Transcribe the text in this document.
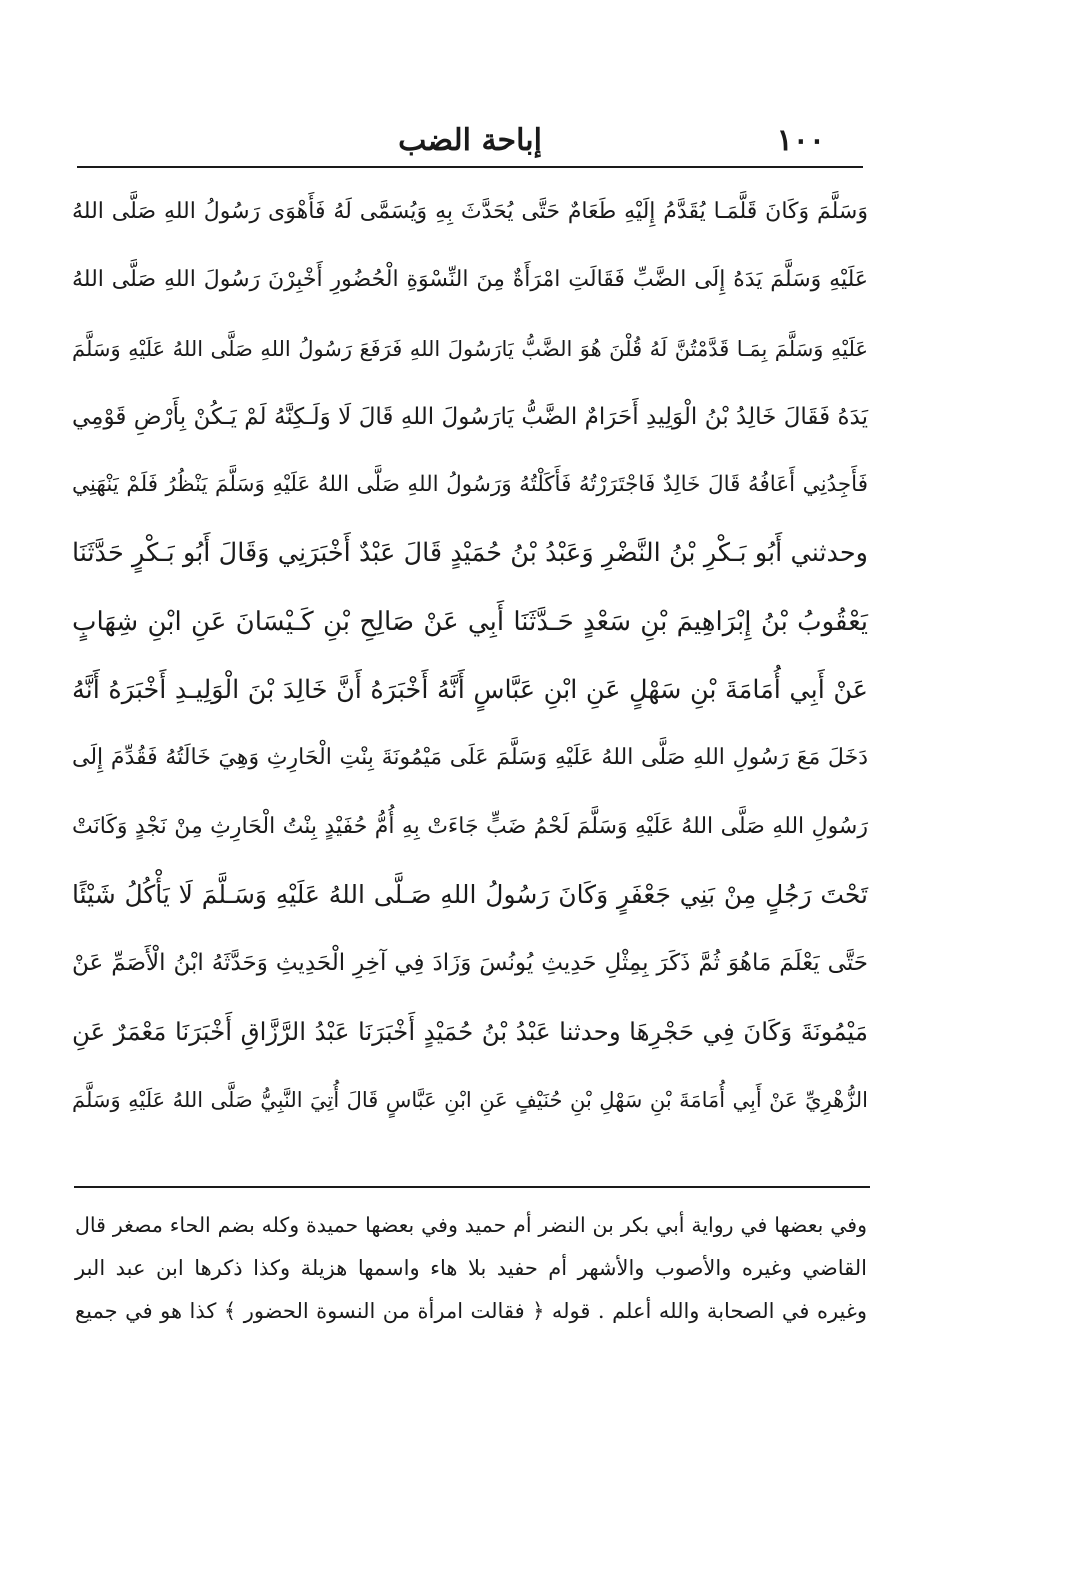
١٠٠
إباحة الضب
وَسَلَّمَ وَكَانَ قَلَّمَـا يُقَدَّمُ إِلَيْهِ طَعَامٌ حَتَّى يُحَدَّثَ بِهِ وَيُسَمَّى لَهُ فَأَهْوَى رَسُولُ اللهِ صَلَّى اللهُ
عَلَيْهِ وَسَلَّمَ يَدَهُ إِلَى الضَّبِّ فَقَالَتِ امْرَأَةٌ مِنَ النِّسْوَةِ الْحُضُورِ أَخْبِرْنَ رَسُولَ اللهِ صَلَّى اللهُ
عَلَيْهِ وَسَلَّمَ بِمَـا قَدَّمْتُنَّ لَهُ قُلْنَ هُوَ الضَّبُّ يَارَسُولَ اللهِ فَرَفَعَ رَسُولُ اللهِ صَلَّى اللهُ عَلَيْهِ وَسَلَّمَ
يَدَهُ فَقَالَ خَالِدُ بْنُ الْوَلِيدِ أَحَرَامٌ الضَّبُّ يَارَسُولَ اللهِ قَالَ لَا وَلَـكِنَّهُ لَمْ يَـكُنْ بِأَرْضِ قَوْمِي
فَأَجِدُنِي أَعَافُهُ قَالَ خَالِدٌ فَاجْتَرَرْتُهُ فَأَكَلْتُهُ وَرَسُولُ اللهِ صَلَّى اللهُ عَلَيْهِ وَسَلَّمَ يَنْظُرُ فَلَمْ يَنْهَنِي
وحدثني أَبُو بَـكْرِ بْنُ النَّضْرِ وَعَبْدُ بْنُ حُمَيْدٍ قَالَ عَبْدٌ أَخْبَرَنِي وَقَالَ أَبُو بَـكْرٍ حَدَّثَنَا
يَعْقُوبُ بْنُ إِبْرَاهِيمَ بْنِ سَعْدٍ حَـدَّثَنَا أَبِي عَنْ صَالِحِ بْنِ كَـيْسَانَ عَنِ ابْنِ شِهَابٍ
عَنْ أَبِي أُمَامَةَ بْنِ سَهْلٍ عَنِ ابْنِ عَبَّاسٍ أَنَّهُ أَخْبَرَهُ أَنَّ خَالِدَ بْنَ الْوَلِيـدِ أَخْبَرَهُ أَنَّهُ
دَخَلَ مَعَ رَسُولِ اللهِ صَلَّى اللهُ عَلَيْهِ وَسَلَّمَ عَلَى مَيْمُونَةَ بِنْتِ الْحَارِثِ وَهِيَ خَالَتُهُ فَقُدِّمَ إِلَى
رَسُولِ اللهِ صَلَّى اللهُ عَلَيْهِ وَسَلَّمَ لَحْمُ ضَبٍّ جَاءَتْ بِهِ أُمُّ حُفَيْدٍ بِنْتُ الْحَارِثِ مِنْ نَجْدٍ وَكَانَتْ
تَحْتَ رَجُلٍ مِنْ بَنِي جَعْفَرٍ وَكَانَ رَسُولُ اللهِ صَـلَّى اللهُ عَلَيْهِ وَسَـلَّمَ لَا يَأْكُلُ شَيْئًا
حَتَّى يَعْلَمَ مَاهُوَ ثُمَّ ذَكَرَ بِمِثْلِ حَدِيثِ يُونُسَ وَزَادَ فِي آخِرِ الْحَدِيثِ وَحَدَّثَهُ ابْنُ الْأَصَمِّ عَنْ
مَيْمُونَةَ وَكَانَ فِي حَجْرِهَا وحدثنا عَبْدُ بْنُ حُمَيْدٍ أَخْبَرَنَا عَبْدُ الرَّزَّاقِ أَخْبَرَنَا مَعْمَرٌ عَنِ
الزُّهْرِيِّ عَنْ أَبِي أُمَامَةَ بْنِ سَهْلِ بْنِ حُنَيْفٍ عَنِ ابْنِ عَبَّاسٍ قَالَ أُتِيَ النَّبِيُّ صَلَّى اللهُ عَلَيْهِ وَسَلَّمَ
وفي بعضها في رواية أبي بكر بن النضر أم حميد وفي بعضها حميدة وكله بضم الحاء مصغر قال
القاضي وغيره والأصوب والأشهر أم حفيد بلا هاء واسمها هزيلة وكذا ذكرها ابن عبد البر
وغيره في الصحابة والله أعلم . قوله ﴿ فقالت امرأة من النسوة الحضور ﴾ كذا هو في جميع
